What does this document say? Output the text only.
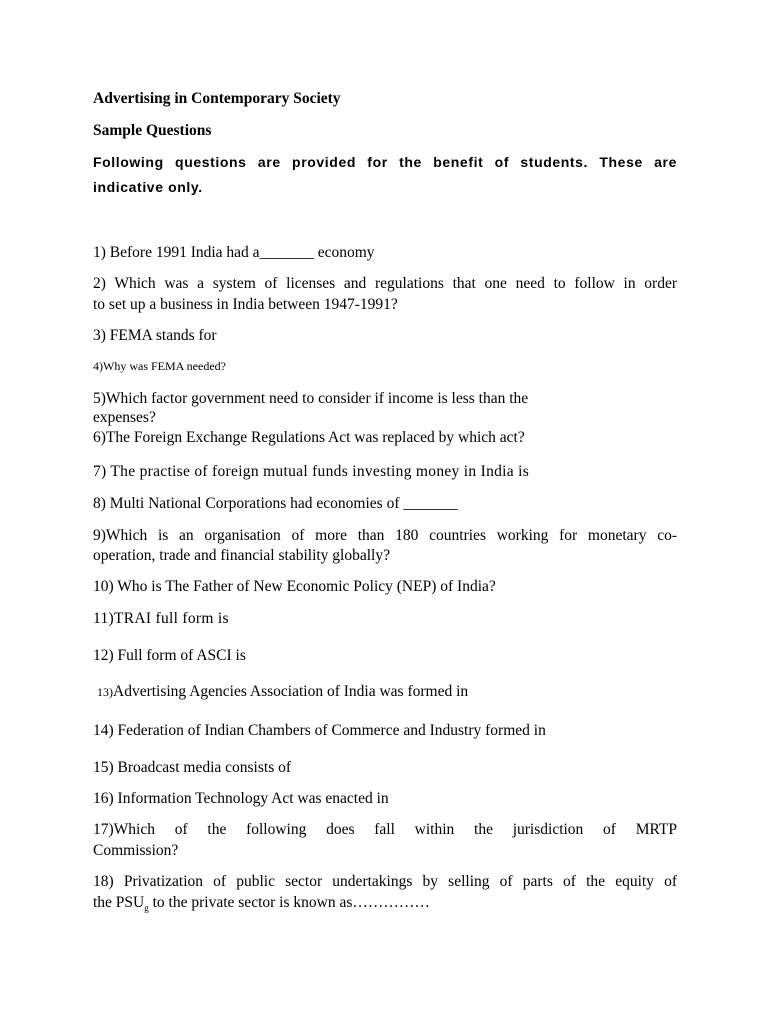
Advertising in Contemporary Society
Sample Questions
Following questions are provided for the benefit of students. These are
indicative only.
1) Before 1991 India had a_______ economy
2) Which was a system of licenses and regulations that one need to follow in order
to set up a business in India between 1947-1991?
3) FEMA stands for
4)Why was FEMA needed?
5)Which factor government need to consider if income is less than the
expenses?
6)The Foreign Exchange Regulations Act was replaced by which act?
7) The practise of foreign mutual funds investing money in India is
8) Multi National Corporations had economies of _______
9)Which is an organisation of more than 180 countries working for monetary co-
operation, trade and financial stability globally?
10) Who is The Father of New Economic Policy (NEP) of India?
11)TRAI full form is
12) Full form of ASCI is
13)Advertising Agencies Association of India was formed in
14) Federation of Indian Chambers of Commerce and Industry formed in
15) Broadcast media consists of
16) Information Technology Act was enacted in
17)Which of the following does fall within the jurisdiction of MRTP
Commission?
18) Privatization of public sector undertakings by selling of parts of the equity of
the $PSU_g$ to the private sector is known as……………
